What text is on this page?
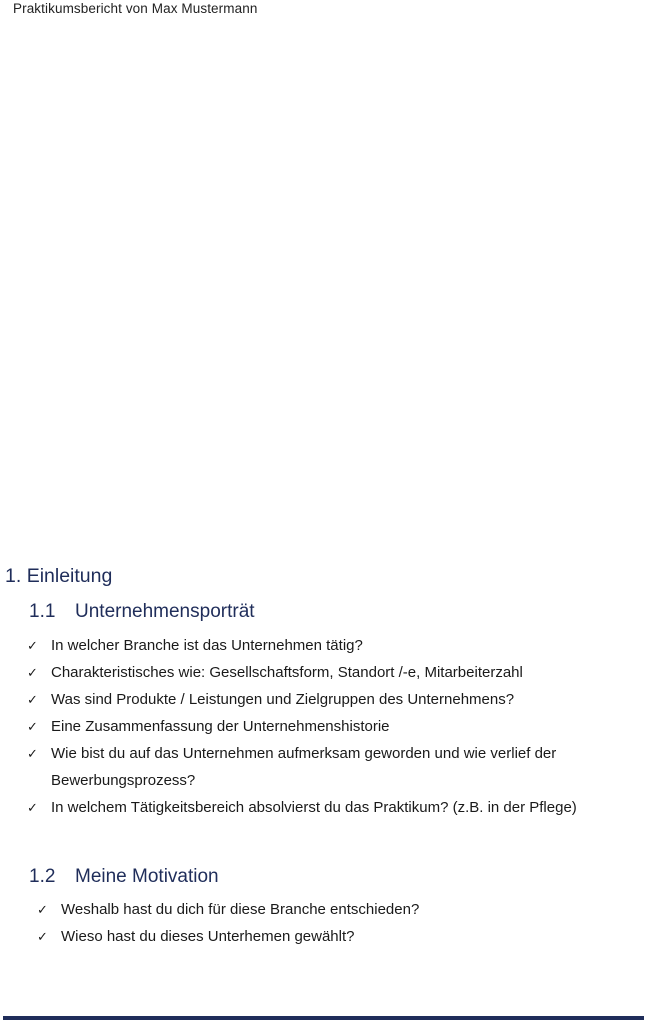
Praktikumsbericht von Max Mustermann
1. Einleitung
1.1	Unternehmensporträt
✓ In welcher Branche ist das Unternehmen tätig?
✓ Charakteristisches wie: Gesellschaftsform, Standort /-e, Mitarbeiterzahl
✓ Was sind Produkte / Leistungen und Zielgruppen des Unternehmens?
✓ Eine Zusammenfassung der Unternehmenshistorie
✓ Wie bist du auf das Unternehmen aufmerksam geworden und wie verlief der Bewerbungsprozess?
✓ In welchem Tätigkeitsbereich absolvierst du das Praktikum? (z.B. in der Pflege)
1.2	Meine Motivation
✓ Weshalb hast du dich für diese Branche entschieden?
✓ Wieso hast du dieses Unterhemen gewählt?
